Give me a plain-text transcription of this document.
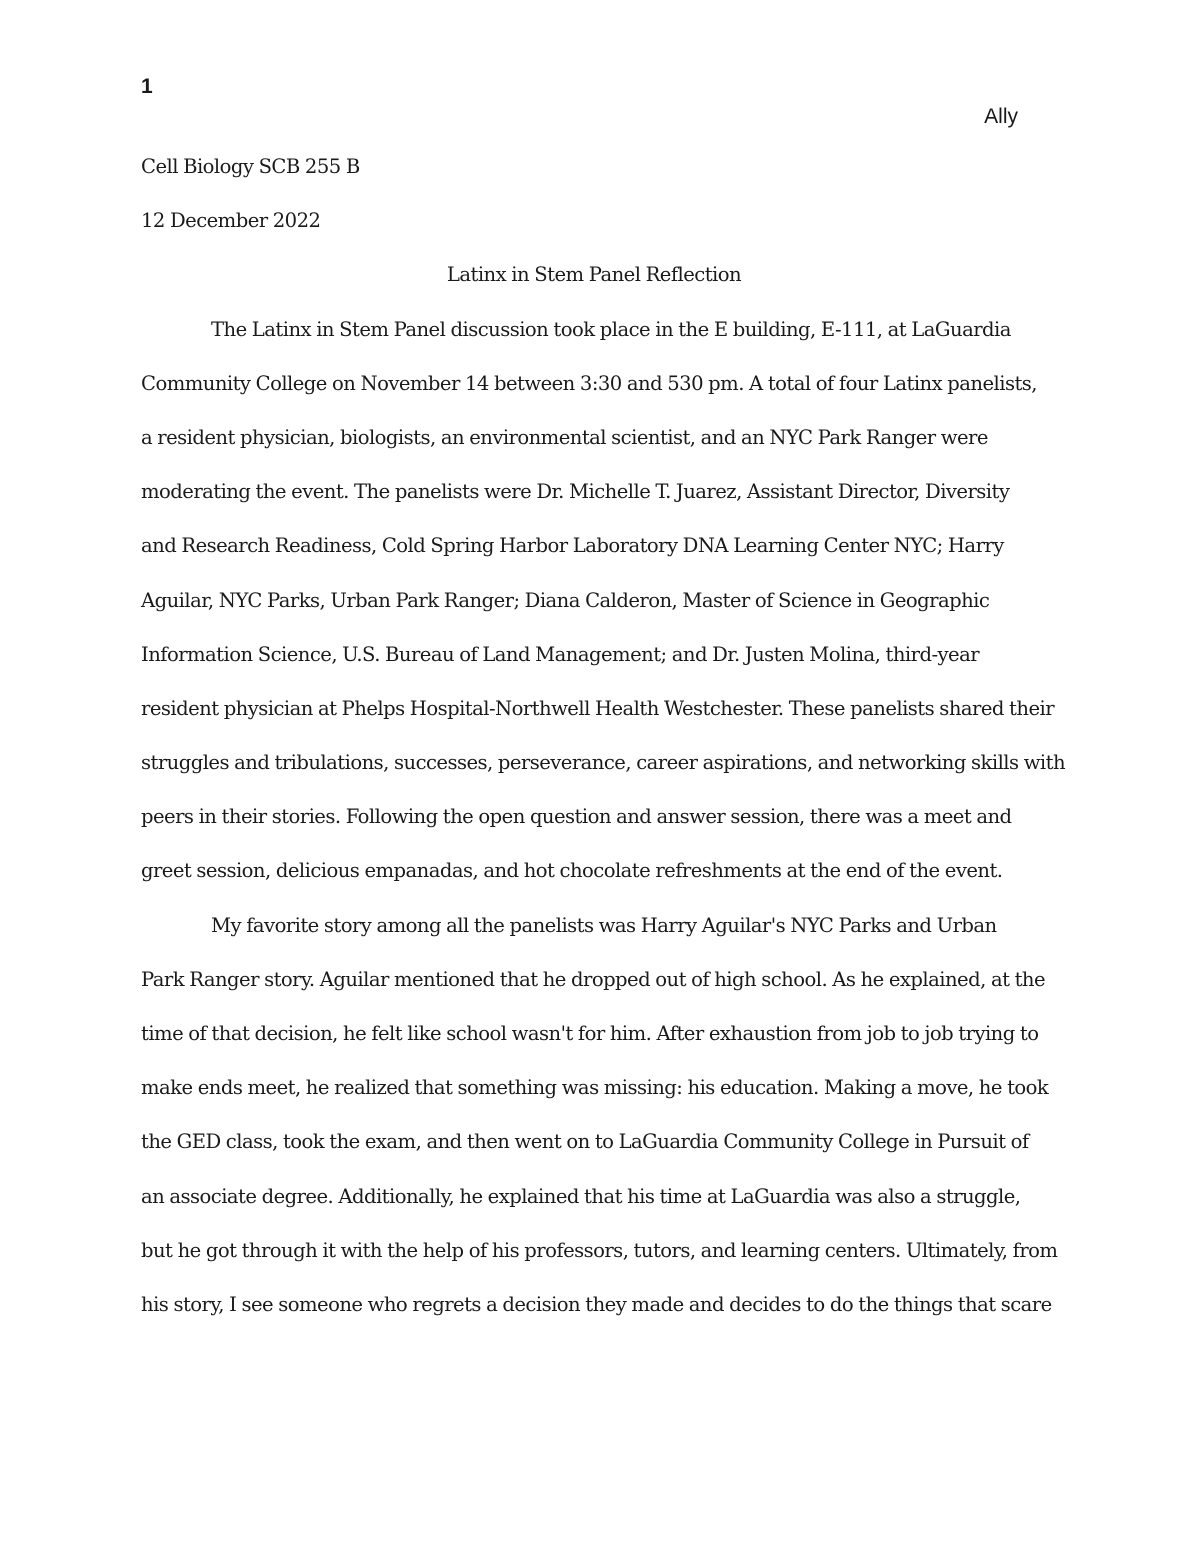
1
Ally
Cell Biology SCB 255 B
12 December 2022
Latinx in Stem Panel Reflection
The Latinx in Stem Panel discussion took place in the E building, E-111, at LaGuardia
Community College on November 14 between 3:30 and 530 pm. A total of four Latinx panelists,
a resident physician, biologists, an environmental scientist, and an NYC Park Ranger were
moderating the event. The panelists were Dr. Michelle T. Juarez, Assistant Director, Diversity
and Research Readiness, Cold Spring Harbor Laboratory DNA Learning Center NYC; Harry
Aguilar, NYC Parks, Urban Park Ranger; Diana Calderon, Master of Science in Geographic
Information Science, U.S. Bureau of Land Management; and Dr. Justen Molina, third-year
resident physician at Phelps Hospital-Northwell Health Westchester. These panelists shared their
struggles and tribulations, successes, perseverance, career aspirations, and networking skills with
peers in their stories. Following the open question and answer session, there was a meet and
greet session, delicious empanadas, and hot chocolate refreshments at the end of the event.
My favorite story among all the panelists was Harry Aguilar's NYC Parks and Urban
Park Ranger story. Aguilar mentioned that he dropped out of high school. As he explained, at the
time of that decision, he felt like school wasn't for him. After exhaustion from job to job trying to
make ends meet, he realized that something was missing: his education. Making a move, he took
the GED class, took the exam, and then went on to LaGuardia Community College in Pursuit of
an associate degree. Additionally, he explained that his time at LaGuardia was also a struggle,
but he got through it with the help of his professors, tutors, and learning centers. Ultimately, from
his story, I see someone who regrets a decision they made and decides to do the things that scare
